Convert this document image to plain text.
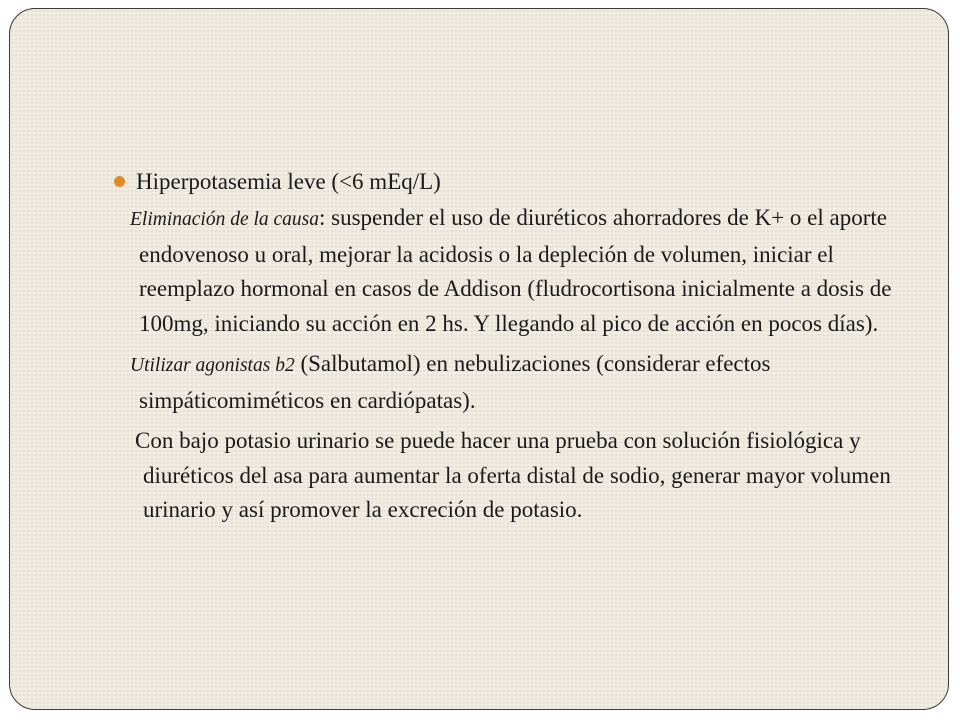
Hiperpotasemia leve (<6 mEq/L)

Eliminación de la causa: suspender el uso de diuréticos ahorradores de K+ o el aporte endovenoso u oral, mejorar la acidosis o la depleción de volumen, iniciar el reemplazo hormonal en casos de Addison (fludrocortisona inicialmente a dosis de 100mg, iniciando su acción en 2 hs. Y llegando al pico de acción en pocos días).

Utilizar agonistas b2 (Salbutamol) en nebulizaciones (considerar efectos simpáticomiméticos en cardiópatas).

Con bajo potasio urinario se puede hacer una prueba con solución fisiológica y diuréticos del asa para aumentar la oferta distal de sodio, generar mayor volumen urinario y así promover la excreción de potasio.
